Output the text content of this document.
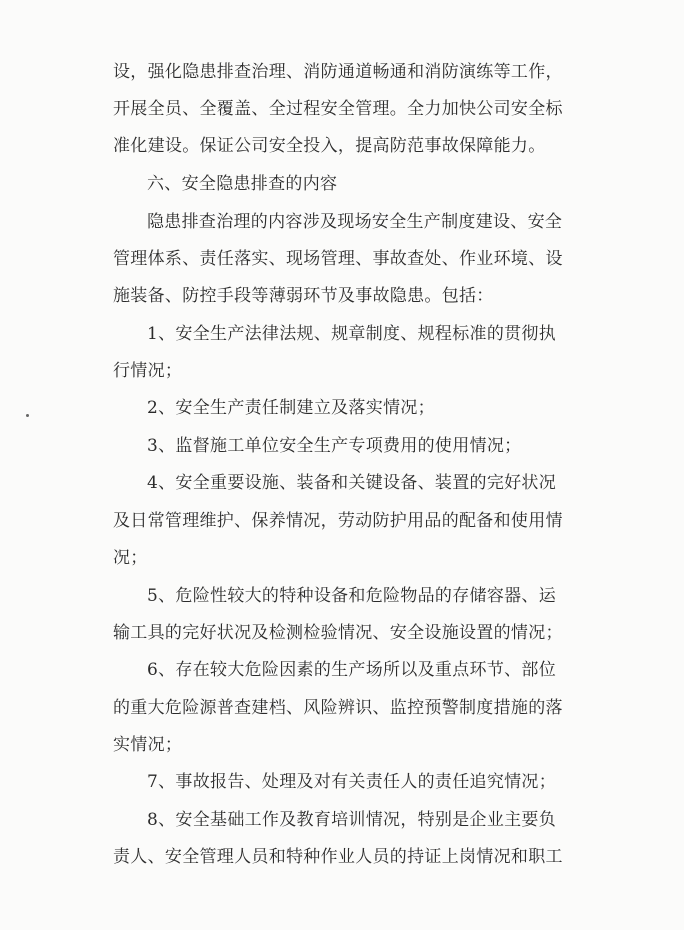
设，强化隐患排查治理、消防通道畅通和消防演练等工作，
开展全员、全覆盖、全过程安全管理。全力加快公司安全标
准化建设。保证公司安全投入，提高防范事故保障能力。
六、安全隐患排查的内容
隐患排查治理的内容涉及现场安全生产制度建设、安全
管理体系、责任落实、现场管理、事故查处、作业环境、设
施装备、防控手段等薄弱环节及事故隐患。包括：
1、安全生产法律法规、规章制度、规程标准的贯彻执
行情况；
2、安全生产责任制建立及落实情况；
3、监督施工单位安全生产专项费用的使用情况；
4、安全重要设施、装备和关键设备、装置的完好状况
及日常管理维护、保养情况，劳动防护用品的配备和使用情
况；
5、危险性较大的特种设备和危险物品的存储容器、运
输工具的完好状况及检测检验情况、安全设施设置的情况；
6、存在较大危险因素的生产场所以及重点环节、部位
的重大危险源普查建档、风险辨识、监控预警制度措施的落
实情况；
7、事故报告、处理及对有关责任人的责任追究情况；
8、安全基础工作及教育培训情况，特别是企业主要负
责人、安全管理人员和特种作业人员的持证上岗情况和职工
